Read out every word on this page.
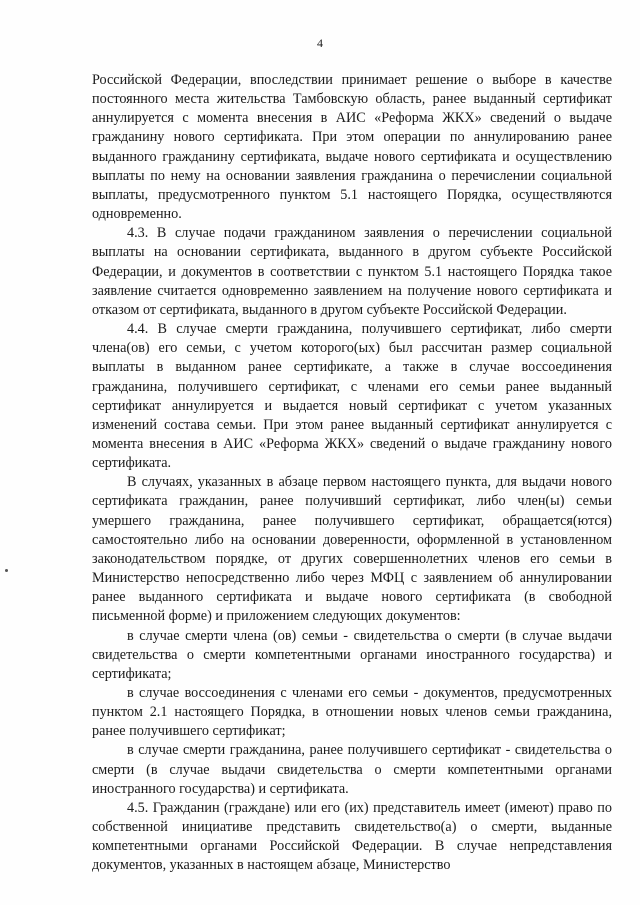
4

Российской Федерации, впоследствии принимает решение о выборе в качестве постоянного места жительства Тамбовскую область, ранее выданный сертификат аннулируется с момента внесения в АИС «Реформа ЖКХ» сведений о выдаче гражданину нового сертификата. При этом операции по аннулированию ранее выданного гражданину сертификата, выдаче нового сертификата и осуществлению выплаты по нему на основании заявления гражданина о перечислении социальной выплаты, предусмотренного пунктом 5.1 настоящего Порядка, осуществляются одновременно.

4.3. В случае подачи гражданином заявления о перечислении социальной выплаты на основании сертификата, выданного в другом субъекте Российской Федерации, и документов в соответствии с пунктом 5.1 настоящего Порядка такое заявление считается одновременно заявлением на получение нового сертификата и отказом от сертификата, выданного в другом субъекте Российской Федерации.

4.4. В случае смерти гражданина, получившего сертификат, либо смерти члена(ов) его семьи, с учетом которого(ых) был рассчитан размер социальной выплаты в выданном ранее сертификате, а также в случае воссоединения гражданина, получившего сертификат, с членами его семьи ранее выданный сертификат аннулируется и выдается новый сертификат с учетом указанных изменений состава семьи. При этом ранее выданный сертификат аннулируется с момента внесения в АИС «Реформа ЖКХ» сведений о выдаче гражданину нового сертификата.

В случаях, указанных в абзаце первом настоящего пункта, для выдачи нового сертификата гражданин, ранее получивший сертификат, либо член(ы) семьи умершего гражданина, ранее получившего сертификат, обращается(ются) самостоятельно либо на основании доверенности, оформленной в установленном законодательством порядке, от других совершеннолетних членов его семьи в Министерство непосредственно либо через МФЦ с заявлением об аннулировании ранее выданного сертификата и выдаче нового сертификата (в свободной письменной форме) и приложением следующих документов:

в случае смерти члена (ов) семьи - свидетельства о смерти (в случае выдачи свидетельства о смерти компетентными органами иностранного государства) и сертификата;

в случае воссоединения с членами его семьи - документов, предусмотренных пунктом 2.1 настоящего Порядка, в отношении новых членов семьи гражданина, ранее получившего сертификат;

в случае смерти гражданина, ранее получившего сертификат - свидетельства о смерти (в случае выдачи свидетельства о смерти компетентными органами иностранного государства) и сертификата.

4.5. Гражданин (граждане) или его (их) представитель имеет (имеют) право по собственной инициативе представить свидетельство(а) о смерти, выданные компетентными органами Российской Федерации. В случае непредставления документов, указанных в настоящем абзаце, Министерство
